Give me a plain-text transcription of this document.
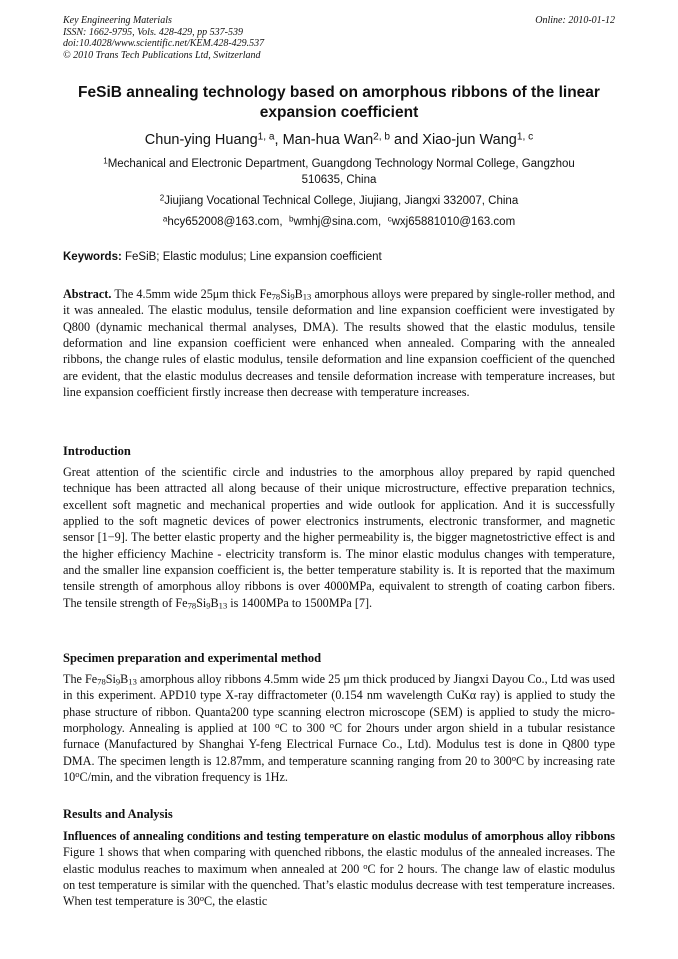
Key Engineering Materials	Online: 2010-01-12
ISSN: 1662-9795, Vols. 428-429, pp 537-539
doi:10.4028/www.scientific.net/KEM.428-429.537
© 2010 Trans Tech Publications Ltd, Switzerland
FeSiB annealing technology based on amorphous ribbons of the linear
expansion coefficient
Chun-ying Huang$^{1, a}$, Man-hua Wan$^{2, b}$ and Xiao-jun Wang$^{1, c}$
$^1$Mechanical and Electronic Department, Guangdong Technology Normal College, Gangzhou
510635, China
$^2$Jiujiang Vocational Technical College, Jiujiang, Jiangxi 332007, China
$^a$hcy652008@163.com, $^b$wmhj@sina.com, $^c$wxj65881010@163.com
Keywords: FeSiB; Elastic modulus; Line expansion coefficient
Abstract. The 4.5mm wide 25μm thick $Fe_{78}Si_9B_{13}$ amorphous alloys were prepared by single-roller method, and it was annealed. The elastic modulus, tensile deformation and line expansion coefficient were investigated by Q800 (dynamic mechanical thermal analyses, DMA). The results showed that the elastic modulus, tensile deformation and line expansion coefficient were enhanced when annealed. Comparing with the annealed ribbons, the change rules of elastic modulus, tensile deformation and line expansion coefficient of the quenched are evident, that the elastic modulus decreases and tensile deformation increase with temperature increases, but line expansion coefficient firstly increase then decrease with temperature increases.
Introduction
Great attention of the scientific circle and industries to the amorphous alloy prepared by rapid quenched technique has been attracted all along because of their unique microstructure, effective preparation technics, excellent soft magnetic and mechanical properties and wide outlook for application. And it is successfully applied to the soft magnetic devices of power electronics instruments, electronic transformer, and magnetic sensor [1−9]. The better elastic property and the higher permeability is, the bigger magnetostrictive effect is and the higher efficiency Machine - electricity transform is. The minor elastic modulus changes with temperature, and the smaller line expansion coefficient is, the better temperature stability is. It is reported that the maximum tensile strength of amorphous alloy ribbons is over 4000MPa, equivalent to strength of coating carbon fibers. The tensile strength of $Fe_{78}Si_9B_{13}$ is 1400MPa to 1500MPa [7].
Specimen preparation and experimental method
The $Fe_{78}Si_9B_{13}$ amorphous alloy ribbons 4.5mm wide 25 μm thick produced by Jiangxi Dayou Co., Ltd was used in this experiment. APD10 type X-ray diffractometer (0.154 nm wavelength CuKα ray) is applied to study the phase structure of ribbon. Quanta200 type scanning electron microscope (SEM) is applied to study the micro-morphology. Annealing is applied at 100 $^o$C to 300 $^o$C for 2hours under argon shield in a tubular resistance furnace (Manufactured by Shanghai Y-feng Electrical Furnace Co., Ltd). Modulus test is done in Q800 type DMA. The specimen length is 12.87mm, and temperature scanning ranging from 20 to 300$^o$C by increasing rate 10$^o$C/min, and the vibration frequency is 1Hz.
Results and Analysis
Influences of annealing conditions and testing temperature on elastic modulus of amorphous alloy ribbons Figure 1 shows that when comparing with quenched ribbons, the elastic modulus of the annealed increases. The elastic modulus reaches to maximum when annealed at 200 $^o$C for 2 hours. The change law of elastic modulus on test temperature is similar with the quenched. That’s elastic modulus decrease with test temperature increases. When test temperature is 30$^o$C, the elastic
